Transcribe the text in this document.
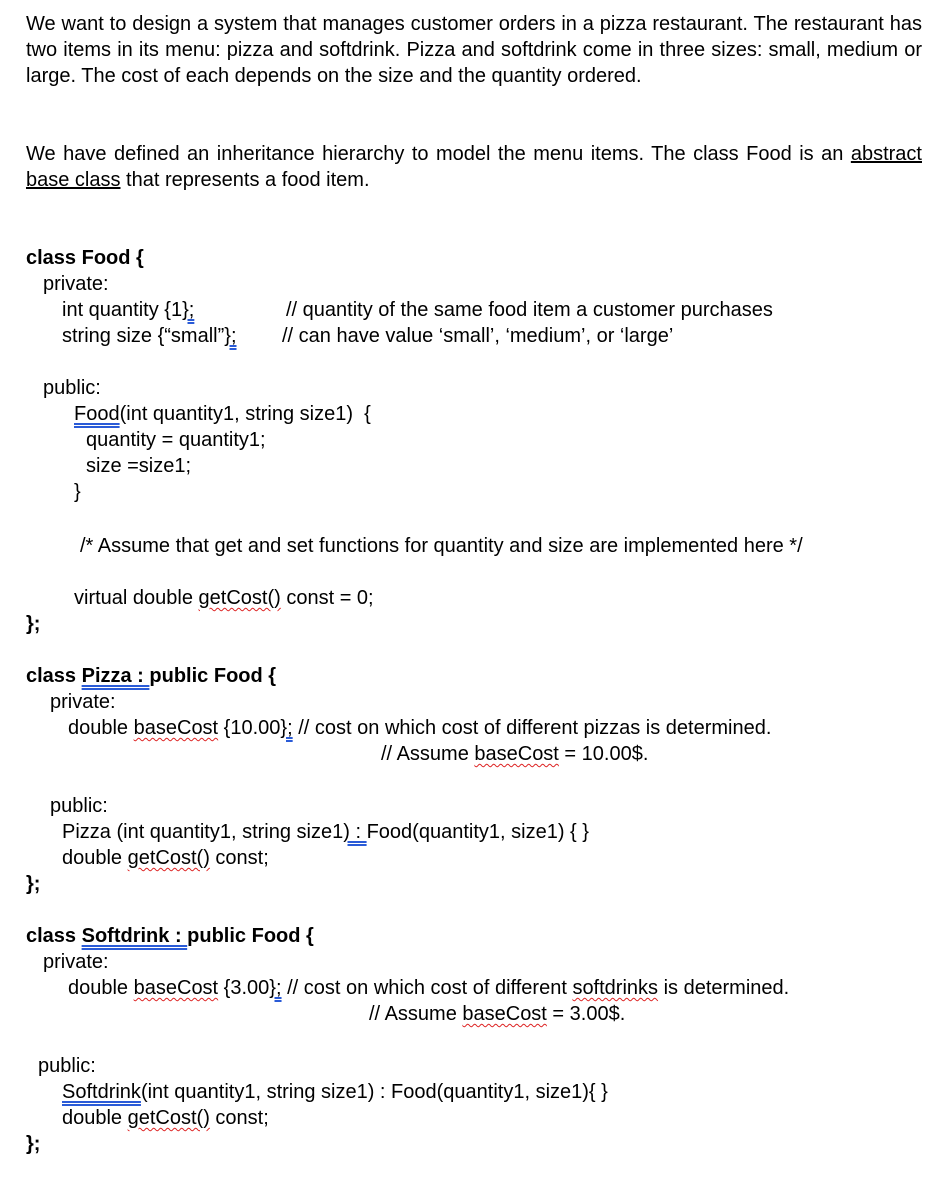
We want to design a system that manages customer orders in a pizza restaurant. The restaurant has two items in its menu: pizza and softdrink. Pizza and softdrink come in three sizes: small, medium or large. The cost of each depends on the size and the quantity ordered.
We have defined an inheritance hierarchy to model the menu items. The class Food is an abstract base class that represents a food item.
class Food {
private:
int quantity {1};	// quantity of the same food item a customer purchases
string size {“small”}; // can have value ‘small’, ‘medium’, or ‘large’
public:
Food(int quantity1, string size1)  {
quantity = quantity1;
size =size1;
}
/* Assume that get and set functions for quantity and size are implemented here */
virtual double getCost() const = 0;
};
class Pizza : public Food {
private:
double baseCost {10.00}; // cost on which cost of different pizzas is determined.
// Assume baseCost = 10.00$.
public:
Pizza (int quantity1, string size1) : Food(quantity1, size1) { }
double getCost() const;
};
class Softdrink : public Food {
private:
double baseCost {3.00}; // cost on which cost of different softdrinks is determined.
// Assume baseCost = 3.00$.
public:
Softdrink(int quantity1, string size1) : Food(quantity1, size1){ }
double getCost() const;
};
